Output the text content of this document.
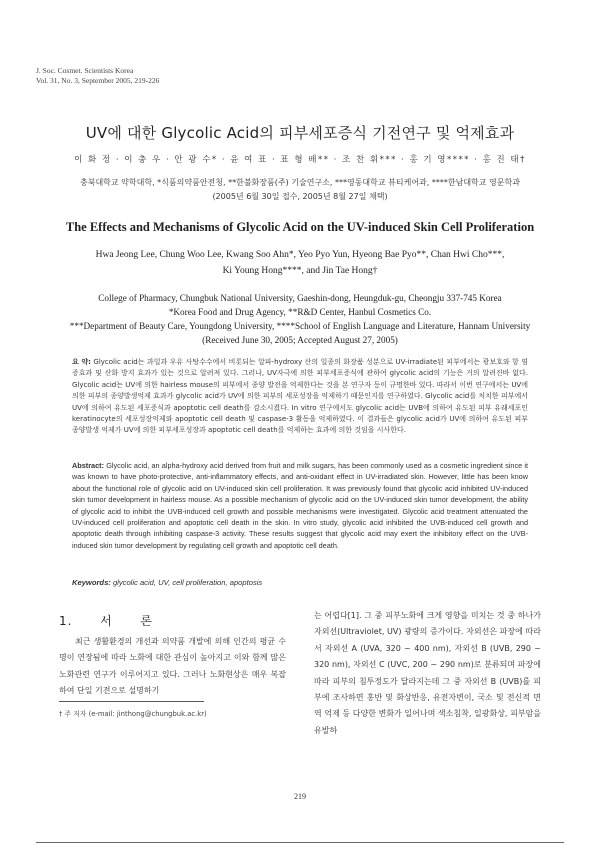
J. Soc. Cosmet. Scientists Korea
Vol. 31, No. 3, September 2005, 219-226
UV에 대한 Glycolic Acid의 피부세포증식 기전연구 및 억제효과
이 화 정 · 이 충 우 · 안 광 수* · 윤 여 표 · 표 형 배** · 조 찬 휘*** · 홍 기 영**** · 홍 진 태†
충북대학교 약학대학, *식품의약품안전청, **한불화장품(주) 기술연구소, ***영동대학교 뷰티케어과, ****한남대학교 영문학과
(2005년 6월 30일 접수, 2005년 8월 27일 채택)
The Effects and Mechanisms of Glycolic Acid on the UV-induced Skin Cell Proliferation
Hwa Jeong Lee, Chung Woo Lee, Kwang Soo Ahn*, Yeo Pyo Yun, Hyeong Bae Pyo**, Chan Hwi Cho***,
Ki Young Hong****, and Jin Tae Hong†
College of Pharmacy, Chungbuk National University, Gaeshin-dong, Heungduk-gu, Cheongju 337-745 Korea
*Korea Food and Drug Agency, **R&D Center, Hanbul Cosmetics Co.
***Department of Beauty Care, Youngdong University, ****School of English Language and Literature, Hannam University
(Received June 30, 2005; Accepted August 27, 2005)
요 약: Glycolic acid는 과일과 우유 사탕수수에서 비롯되는 알파-hydroxy 산의 일종의 화장품 성분으로 UV-irradiate된 피부에서는 광보호와 항 염증효과 및 산화 방지 효과가 있는 것으로 알려져 있다. 그러나, UV자극에 의한 피부세포증식에 관하여 glycolic acid의 기능은 거의 알려진바 없다. Glycolic acid는 UV에 의한 hairless mouse의 피부에서 종양 발전을 억제한다는 것을 본 연구자 등이 규명한바 있다. 따라서 이번 연구에서는 UV에 의한 피부의 종양발생억제 효과가 glycolic acid가 UV에 의한 피부의 세포성장을 억제하기 때문인지를 연구하였다. Glycolic acid를 처치한 피부에서 UV에 의하여 유도된 세포증식과 apoptotic cell death를 감소시켰다. In vitro 연구에서도 glycolic acid는 UVB에 의하여 유도된 피부 유래세포인 keratinocyte의 세포성장억제와 apoptotic cell death 및 caspase-3 활동을 억제하였다. 이 결과들은 glycolic acid가 UV에 의하여 유도된 피부종양발생 억제가 UV에 의한 피부세포성장과 apoptotic cell death를 억제하는 효과에 의한 것임을 시사한다.
Abstract: Glycolic acid, an alpha-hydroxy acid derived from fruit and milk sugars, has been commonly used as a cosmetic ingredient since it was known to have photo-protective, anti-inflammatory effects, and anti-oxidant effect in UV-irradiated skin. However, little has been know about the functional role of glycolic acid on UV-induced skin cell proliferation. It was previously found that glycolic acid inhibited UV-induced skin tumor development in hairless mouse. As a possible mechanism of glycolic acid on the UV-induced skin tumor development, the ability of glycolic acid to inhibit the UVB-induced cell growth and possible mechanisms were investigated. Glycolic acid treatment attenuated the UV-induced cell proliferation and apoptotic cell death in the skin. In vitro study, glycolic acid inhibited the UVB-induced cell growth and apoptotic death through inhibiting caspase-3 activity. These results suggest that glycolic acid may exert the inhibitory effect on the UVB-induced skin tumor development by regulating cell growth and apoptotic cell death.
Keywords: glycolic acid, UV, cell proliferation, apoptosis
1. 서 론
최근 생활환경의 개선과 의약품 개발에 의해 인간의 평균 수명이 연장됨에 따라 노화에 대한 관심이 높아지고 이와 함께 많은 노화관련 연구가 이루어지고 있다. 그러나 노화현상은 매우 복잡하여 단일 기전으로 설명하기
는 어렵다[1]. 그 중 피부노화에 크게 영향을 미치는 것 중 하나가 자외선(Ultraviolet, UV) 광량의 증가이다. 자외선은 파장에 따라서 자외선 A (UVA, 320 ~ 400 nm), 자외선 B (UVB, 290 ~ 320 nm), 자외선 C (UVC, 200 ~ 290 nm)로 분류되며 파장에 따라 피부의 침투정도가 달라지는데 그 중 자외선 B (UVB)를 피부에 조사하면 홍반 및 화상반응, 유전자변이, 국소 및 전신적 면역 억제 등 다양한 변화가 일어나며 색소침착, 일광화상, 피부암을 유발하
† 주 저자 (e-mail: jinthong@chungbuk.ac.kr)
219
